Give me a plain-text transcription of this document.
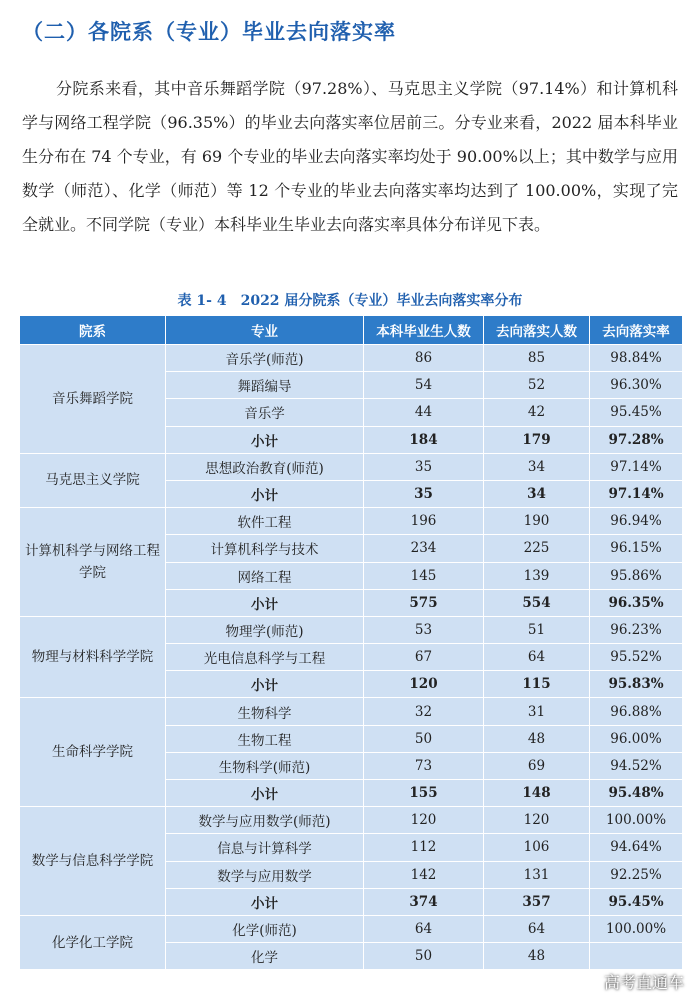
（二）各院系（专业）毕业去向落实率
分院系来看，其中音乐舞蹈学院（97.28%）、马克思主义学院（97.14%）和计算机科学与网络工程学院（96.35%）的毕业去向落实率位居前三。分专业来看，2022 届本科毕业生分布在 74 个专业，有 69 个专业的毕业去向落实率均处于 90.00%以上；其中数学与应用数学（师范）、化学（师范）等 12 个专业的毕业去向落实率均达到了 100.00%，实现了完全就业。不同学院（专业）本科毕业生毕业去向落实率具体分布详见下表。
表 1- 4　2022 届分院系（专业）毕业去向落实率分布
院系	专业	本科毕业生人数	去向落实人数	去向落实率
音乐舞蹈学院	音乐学(师范)	86	85	98.84%
	舞蹈编导	54	52	96.30%
	音乐学	44	42	95.45%
	小计	184	179	97.28%
马克思主义学院	思想政治教育(师范)	35	34	97.14%
	小计	35	34	97.14%
计算机科学与网络工程学院	软件工程	196	190	96.94%
	计算机科学与技术	234	225	96.15%
	网络工程	145	139	95.86%
	小计	575	554	96.35%
物理与材料科学学院	物理学(师范)	53	51	96.23%
	光电信息科学与工程	67	64	95.52%
	小计	120	115	95.83%
生命科学学院	生物科学	32	31	96.88%
	生物工程	50	48	96.00%
	生物科学(师范)	73	69	94.52%
	小计	155	148	95.48%
数学与信息科学学院	数学与应用数学(师范)	120	120	100.00%
	信息与计算科学	112	106	94.64%
	数学与应用数学	142	131	92.25%
	小计	374	357	95.45%
化学化工学院	化学(师范)	64	64	100.00%
	化学	50	48	
高考直通车
